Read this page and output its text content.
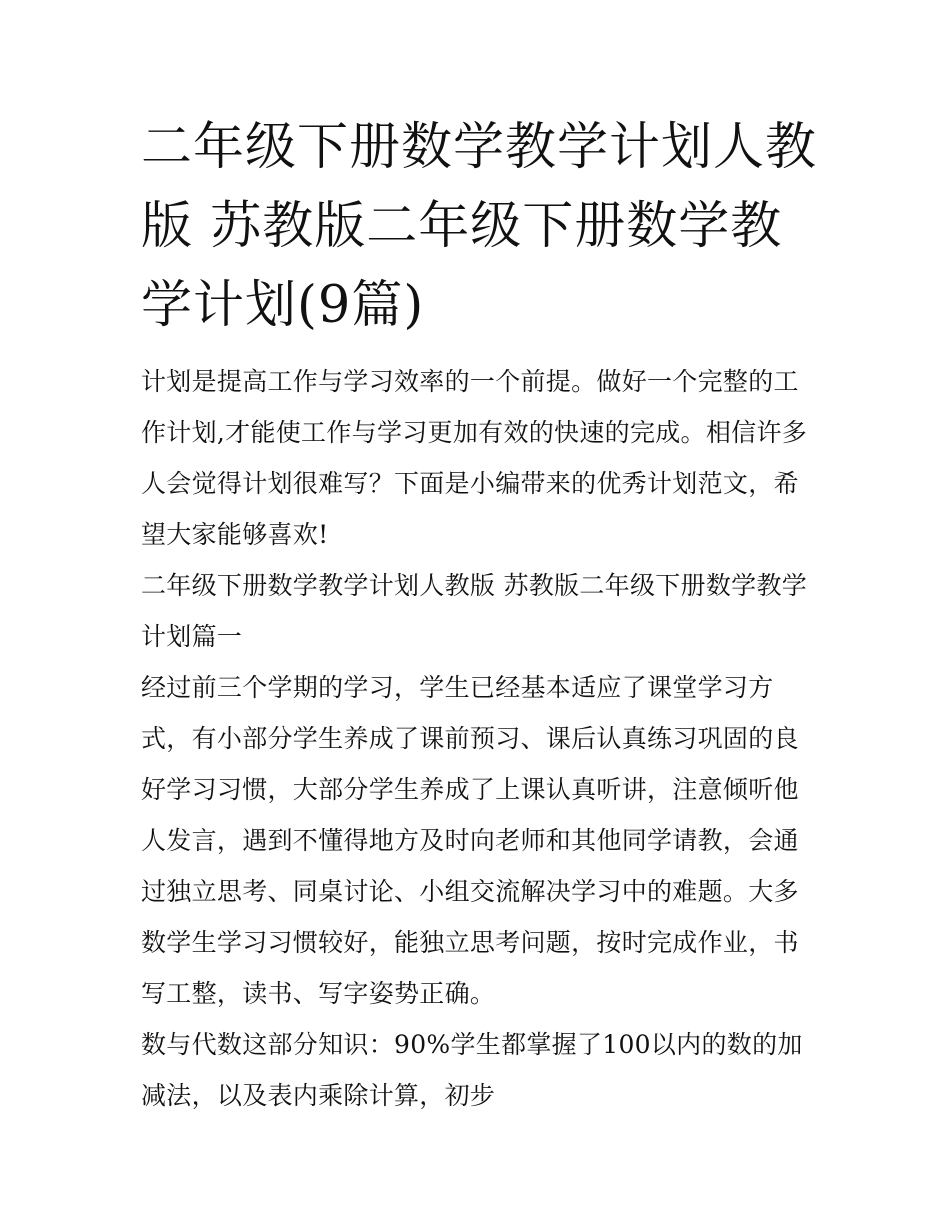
二年级下册数学教学计划人教版 苏教版二年级下册数学教学计划(9篇)

计划是提高工作与学习效率的一个前提。做好一个完整的工作计划,才能使工作与学习更加有效的快速的完成。相信许多人会觉得计划很难写？下面是小编带来的优秀计划范文，希望大家能够喜欢!

二年级下册数学教学计划人教版 苏教版二年级下册数学教学计划篇一

经过前三个学期的学习，学生已经基本适应了课堂学习方式，有小部分学生养成了课前预习、课后认真练习巩固的良好学习习惯，大部分学生养成了上课认真听讲，注意倾听他人发言，遇到不懂得地方及时向老师和其他同学请教，会通过独立思考、同桌讨论、小组交流解决学习中的难题。大多数学生学习习惯较好，能独立思考问题，按时完成作业，书写工整，读书、写字姿势正确。

数与代数这部分知识：90%学生都掌握了100以内的数的加减法，以及表内乘除计算，初步
